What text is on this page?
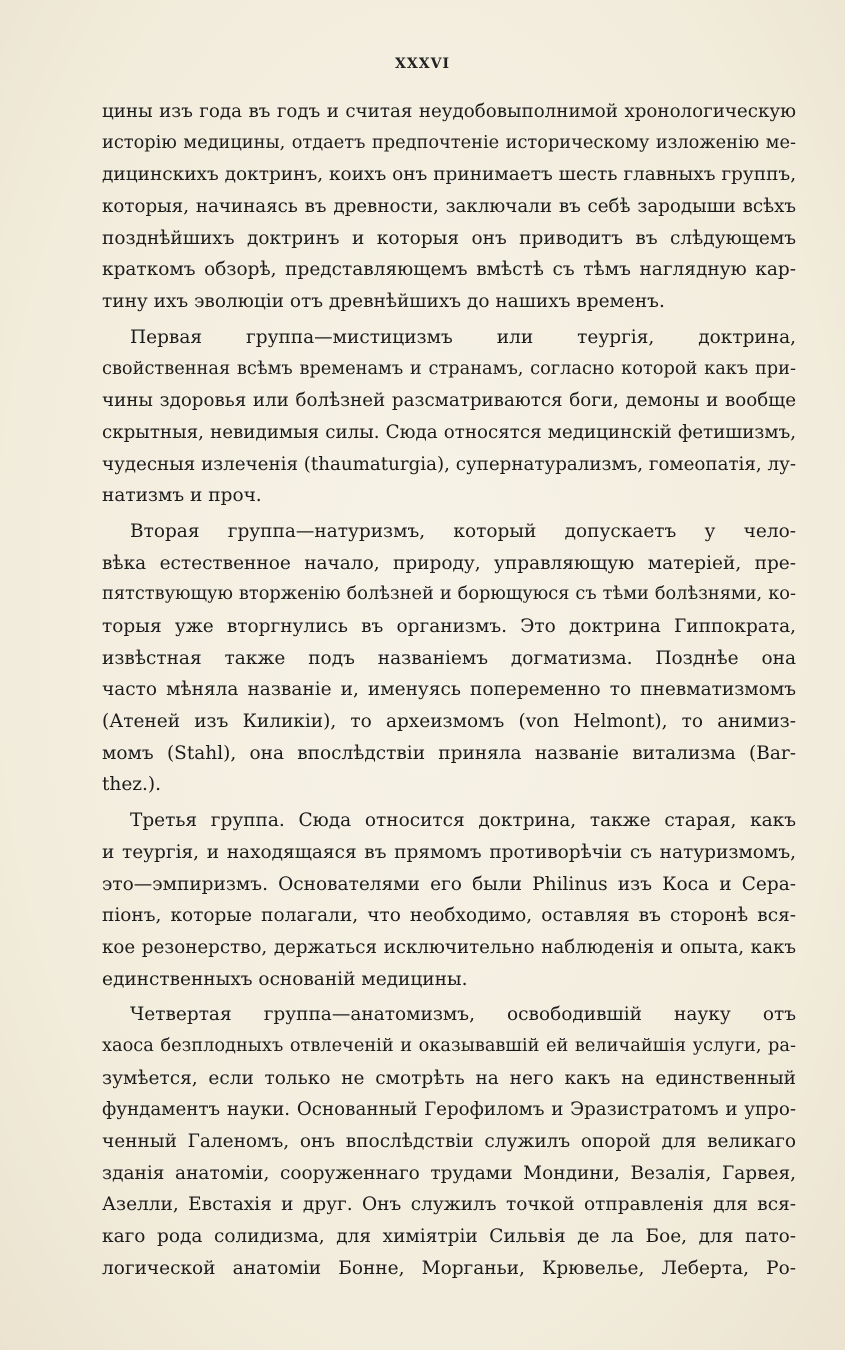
XXXVI
цины изъ года въ годъ и считая неудобовыполнимой хронологическую
исторію медицины, отдаетъ предпочтеніе историческому изложенію ме-
дицинскихъ доктринъ, коихъ онъ принимаетъ шесть главныхъ группъ,
которыя, начинаясь въ древности, заключали въ себѣ зародыши всѣхъ
позднѣйшихъ доктринъ и которыя онъ приводитъ въ слѣдующемъ
краткомъ обзорѣ, представляющемъ вмѣстѣ съ тѣмъ наглядную кар-
тину ихъ эволюціи отъ древнѣйшихъ до нашихъ временъ.
Первая группа—мистицизмъ или теургія, доктрина,
свойственная всѣмъ временамъ и странамъ, согласно которой какъ при-
чины здоровья или болѣзней разсматриваются боги, демоны и вообще
скрытныя, невидимыя силы. Сюда относятся медицинскій фетишизмъ,
чудесныя излеченія (thaumaturgia), супернатурализмъ, гомеопатія, лу-
натизмъ и проч.
Вторая группа—натуризмъ, который допускаетъ у чело-
вѣка естественное начало, природу, управляющую матеріей, пре-
пятствующую вторженію болѣзней и борющуюся съ тѣми болѣзнями, ко-
торыя уже вторгнулись въ организмъ. Это доктрина Гиппократа,
извѣстная также подъ названіемъ догматизма. Позднѣе она
часто мѣняла названіе и, именуясь попеременно то пневматизмомъ
(Атеней изъ Киликіи), то археизмомъ (von Helmont), то анимиз-
момъ (Stahl), она впослѣдствіи приняла названіе витализма (Bar-
thez.).
Третья группа. Сюда относится доктрина, также старая, какъ
и теургія, и находящаяся въ прямомъ противорѣчіи съ натуризмомъ,
это—эмпиризмъ. Основателями его были Philinus изъ Коса и Сера-
піонъ, которые полагали, что необходимо, оставляя въ сторонѣ вся-
кое резонерство, держаться исключительно наблюденія и опыта, какъ
единственныхъ основаній медицины.
Четвертая группа—анатомизмъ, освободившій науку отъ
хаоса безплодныхъ отвлеченій и оказывавшій ей величайшія услуги, ра-
зумѣется, если только не смотрѣть на него какъ на единственный
фундаментъ науки. Основанный Герофиломъ и Эразистратомъ и упро-
ченный Галеномъ, онъ впослѣдствіи служилъ опорой для великаго
зданія анатоміи, сооруженнаго трудами Мондини, Везалія, Гарвея,
Азелли, Евстахія и друг. Онъ служилъ точкой отправленія для вся-
каго рода солидизма, для химіятріи Сильвія де ла Бое, для пато-
логической анатоміи Боннe, Морганьи, Крювелье, Леберта, Ро-
